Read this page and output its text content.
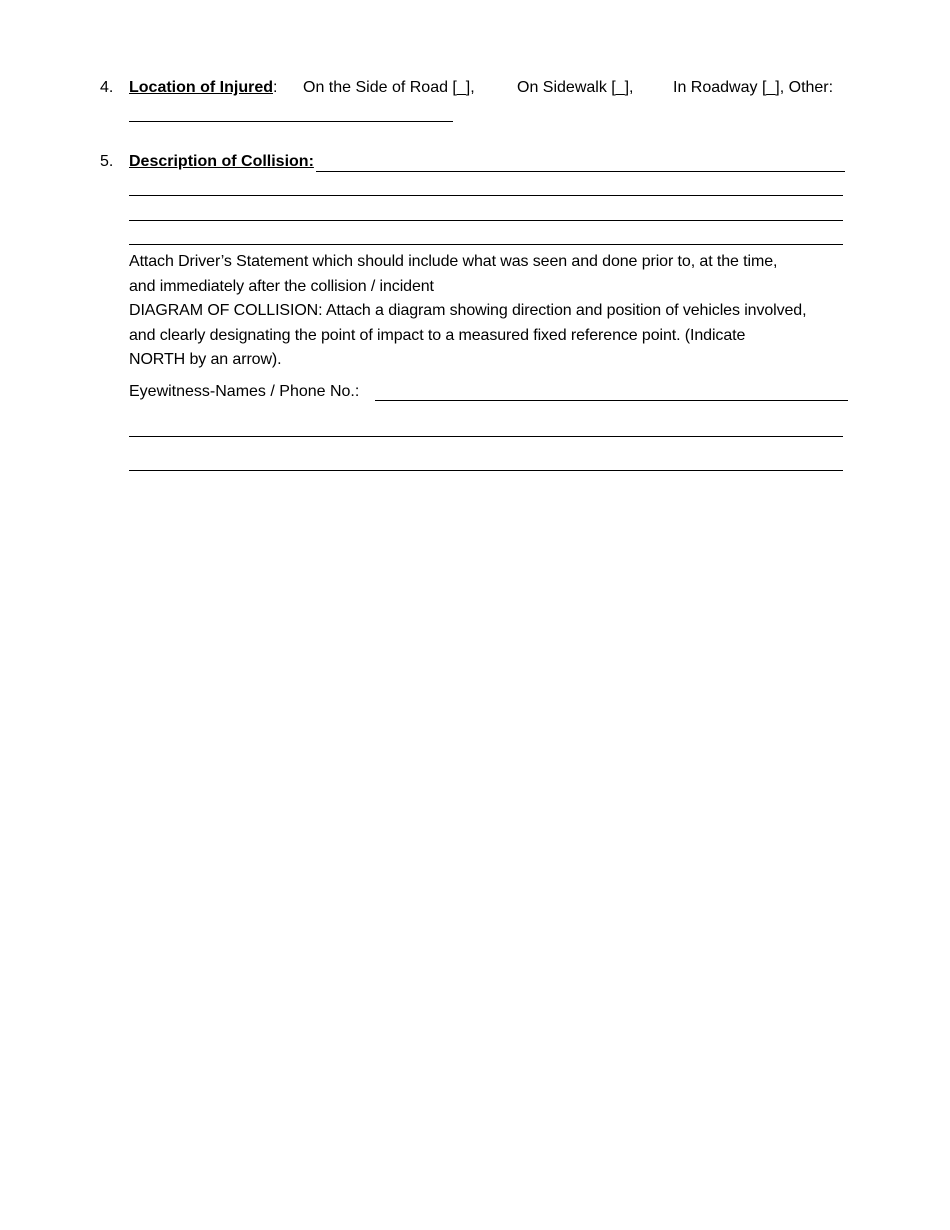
4. Location of Injured: On the Side of Road [_],	On Sidewalk [_], In Roadway [_], Other:
5. Description of Collision:
Attach Driver’s Statement which should include what was seen and done prior to, at the time,
and immediately after the collision / incident
DIAGRAM OF COLLISION: Attach a diagram showing direction and position of vehicles involved,
and clearly designating the point of impact to a measured fixed reference point. (Indicate
NORTH by an arrow).
Eyewitness-Names / Phone No.:
